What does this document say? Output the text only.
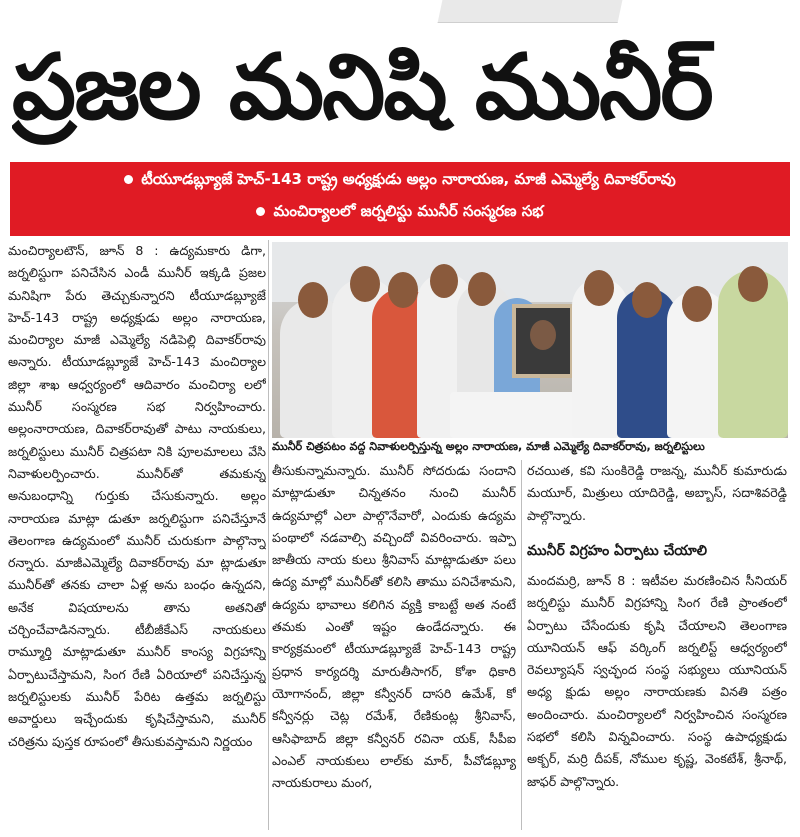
ప్రజల మనిషి మునీర్
టీయూడబ్ల్యూజే హెచ్-143 రాష్ట్ర అధ్యక్షుడు అల్లం నారాయణ, మాజీ ఎమ్మెల్యే దివాకర్‌రావు
మంచిర్యాలలో జర్నలిస్టు మునీర్ సంస్మరణ సభ

మంచిర్యాలటౌన్, జూన్ 8 : ఉద్యమకారు డిగా, జర్నలిస్టుగా పనిచేసిన ఎండీ మునీర్ ఇక్కడి ప్రజల మనిషిగా పేరు తెచ్చుకున్నారని టీయూడబ్ల్యూజే హెచ్-143 రాష్ట్ర అధ్యక్షుడు అల్లం నారాయణ, మంచిర్యాల మాజీ ఎమ్మెల్యే నడిపెల్లి దివాకర్‌రావు అన్నారు. టీయూడబ్ల్యూజే హెచ్-143 మంచిర్యాల జిల్లా శాఖ ఆధ్వర్యంలో ఆదివారం మంచిర్యా లలో మునీర్ సంస్మరణ సభ నిర్వహించారు. అల్లంనారాయణ, దివాకర్‌రావుతో పాటు నాయకులు, జర్నలిస్టులు మునీర్ చిత్రపటా నికి పూలమాలలు వేసి నివాళులర్పించారు. మునీర్‌తో తమకున్న అనుబంధాన్ని గుర్తుకు చేసుకున్నారు. అల్లం నారాయణ మాట్లా డుతూ జర్నలిస్టుగా పనిచేస్తూనే తెలంగాణ ఉద్యమంలో మునీర్ చురుకుగా పాల్గొన్నా రన్నారు. మాజీఎమ్మెల్యే దివాకర్‌రావు మా ట్లాడుతూ మునీర్‌తో తనకు చాలా ఏళ్ల అను బంధం ఉన్నదని, అనేక విషయాలను తాను అతనితో చర్చించేవాడినన్నారు. టీబీజీకేఎస్ నాయకులు రామ్మూర్తి మాట్లాడుతూ మునీర్ కాంస్య విగ్రహాన్ని ఏర్పాటుచేస్తామని, సింగ రేణి ఏరియాలో పనిచేస్తున్న జర్నలిస్టులకు మునీర్ పేరిట ఉత్తమ జర్నలిస్టు అవార్డులు ఇచ్చేందుకు కృషిచేస్తామని, మునీర్ చరిత్రను పుస్తక రూపంలో తీసుకువస్తామని నిర్ణయం

మునీర్ చిత్రపటం వద్ద నివాళులర్పిస్తున్న అల్లం నారాయణ, మాజీ ఎమ్మెల్యే దివాకర్‌రావు, జర్నలిస్టులు

తీసుకున్నామన్నారు. మునీర్ సోదరుడు సందాని మాట్లాడుతూ చిన్నతనం నుంచి మునీర్ ఉద్యమాల్లో ఎలా పాల్గొనేవారో, ఎందుకు ఉద్యమ పంథాలో నడవాల్సి వచ్చిందో వివరించారు. ఇప్పా జాతీయ నాయ కులు శ్రీనివాస్ మాట్లాడుతూ పలు ఉద్య మాల్లో మునీర్‌తో కలిసి తాము పనిచేశామని, ఉద్యమ భావాలు కలిగిన వ్యక్తి కాబట్టే అత నంటే తమకు ఎంతో ఇష్టం ఉండేదన్నారు. ఈ కార్యక్రమంలో టీయూడబ్ల్యూజే హెచ్-143 రాష్ట్ర ప్రధాన కార్యదర్శి మారుతీసాగర్, కోశా ధికారి యోగానంద్, జిల్లా కన్వీనర్ దాసరి ఉమేశ్, కో కన్వీనర్లు చెట్ల రమేశ్, రేణికుంట్ల శ్రీనివాస్, ఆసిఫాబాద్ జిల్లా కన్వీనర్ రవినా యక్, సీపీఐ ఎంఎల్ నాయకులు లాల్‌కు మార్, పీవోడబ్ల్యూ నాయకురాలు మంగ,

రచయిత, కవి సుంకిరెడ్డి రాజన్న, మునీర్ కుమారుడు మయూర్, మిత్రులు యాదిరెడ్డి, అబ్బాస్, సదాశివరెడ్డి పాల్గొన్నారు.

మునీర్ విగ్రహం ఏర్పాటు చేయాలి

మందమర్రి, జూన్ 8 : ఇటీవల మరణించిన సీనియర్ జర్నలిస్టు మునీర్ విగ్రహాన్ని సింగ రేణి ప్రాంతంలో ఏర్పాటు చేసేందుకు కృషి చేయాలని తెలంగాణ యూనియన్ ఆఫ్ వర్కింగ్ జర్నలిస్ట్ ఆధ్వర్యంలో రెవల్యూషన్ స్వచ్ఛంద సంస్థ సభ్యులు యూనియన్ అధ్య క్షుడు అల్లం నారాయణకు వినతి పత్రం అందించారు. మంచిర్యాలలో నిర్వహించిన సంస్మరణ సభలో కలిసి విన్నవించారు. సంస్థ ఉపాధ్యక్షుడు అక్బర్, మర్రి దీపక్, నోముల కృష్ణ, వెంకటేశ్, శ్రీనాథ్, జాఫర్ పాల్గొన్నారు.
